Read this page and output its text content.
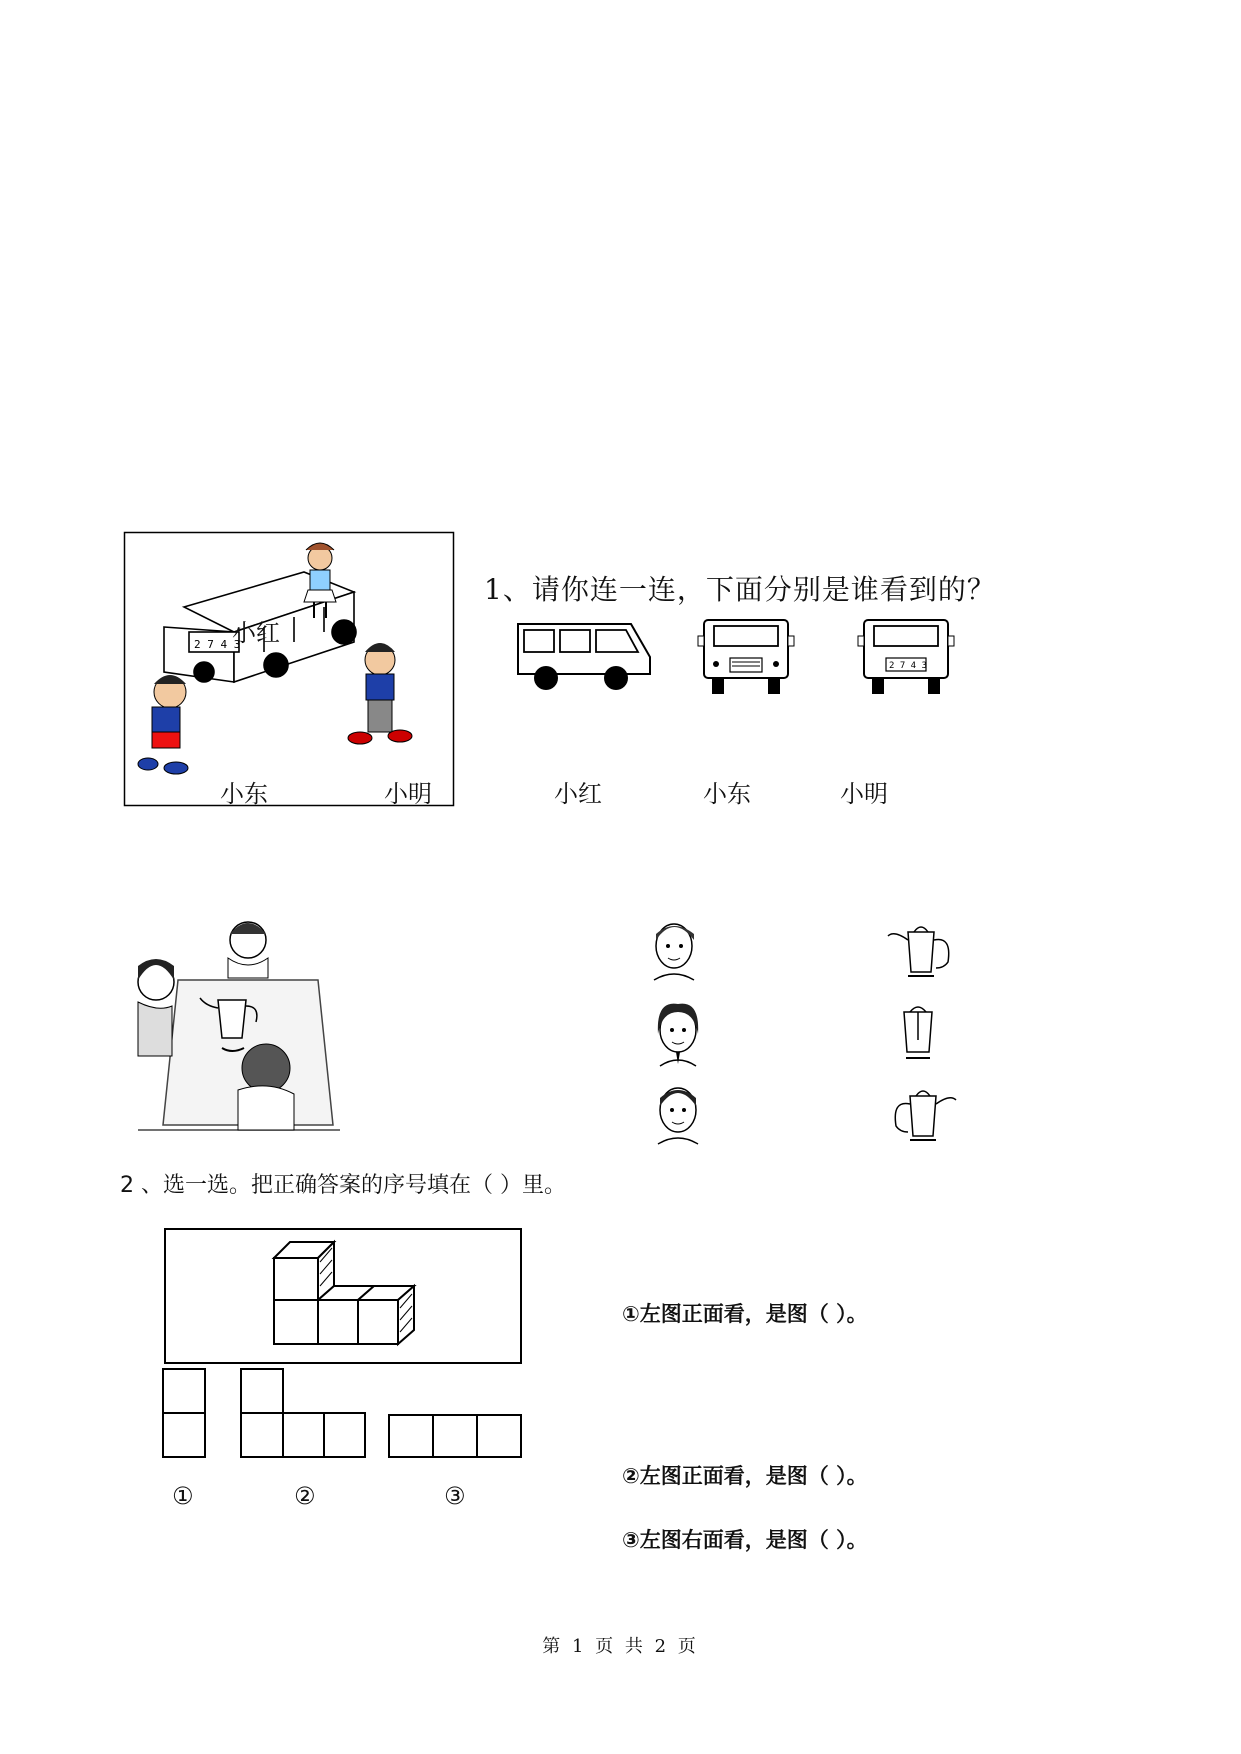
2 7 4 3
小红
小东	小明
1、请你连一连，下面分别是谁看到的？
2 7 4 3
小红	小东	小明
2 、选一选。把正确答案的序号填在（ ）里。
①	②	③
①左图正面看，是图（ ）。
②左图正面看，是图（ ）。
③左图右面看，是图（ ）。
第 1 页 共 2 页
